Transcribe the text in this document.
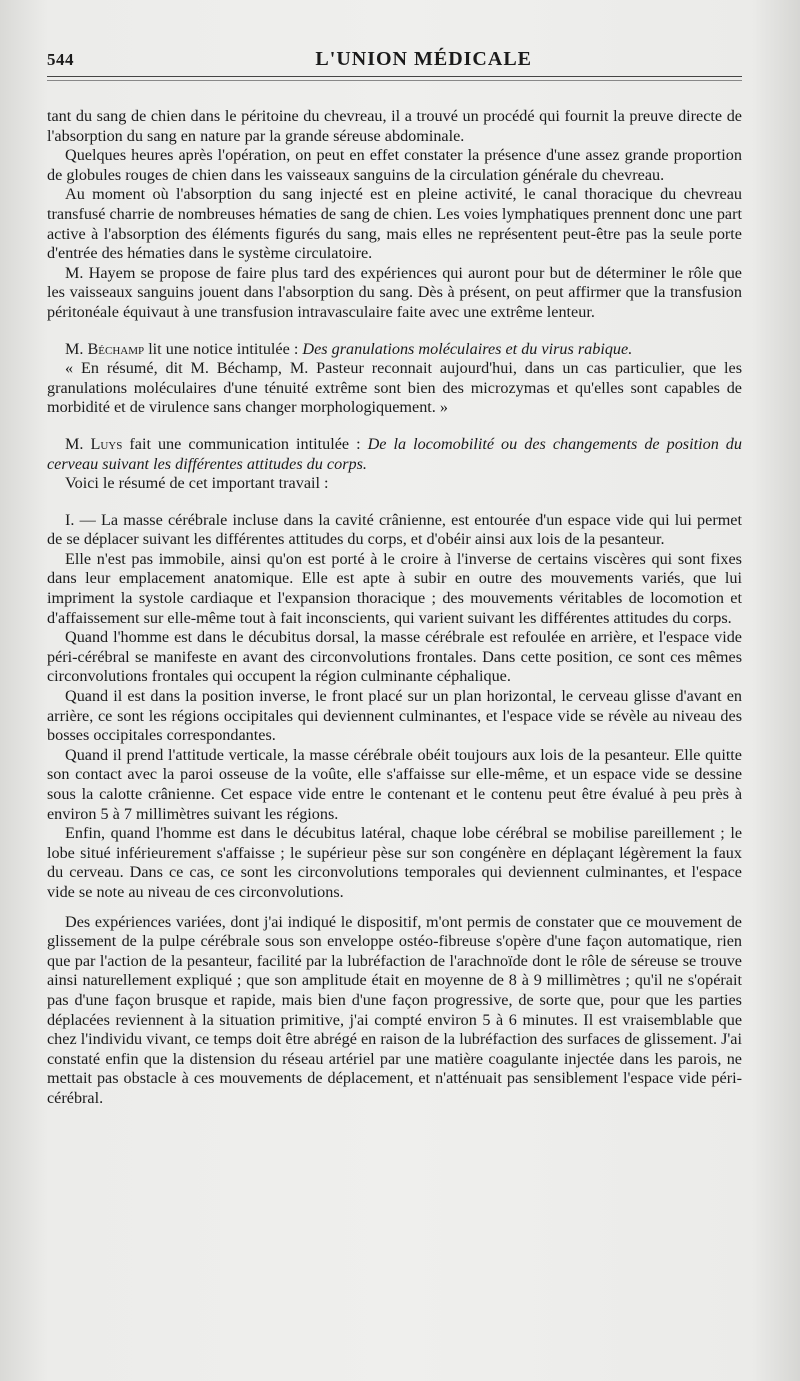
544	L'UNION MÉDICALE

tant du sang de chien dans le péritoine du chevreau, il a trouvé un procédé qui fournit la preuve directe de l'absorption du sang en nature par la grande séreuse abdominale.

Quelques heures après l'opération, on peut en effet constater la présence d'une assez grande proportion de globules rouges de chien dans les vaisseaux sanguins de la circulation générale du chevreau.

Au moment où l'absorption du sang injecté est en pleine activité, le canal thoracique du chevreau transfusé charrie de nombreuses hématies de sang de chien. Les voies lymphatiques prennent donc une part active à l'absorption des éléments figurés du sang, mais elles ne représentent peut-être pas la seule porte d'entrée des hématies dans le système circulatoire.

M. Hayem se propose de faire plus tard des expériences qui auront pour but de déterminer le rôle que les vaisseaux sanguins jouent dans l'absorption du sang. Dès à présent, on peut affirmer que la transfusion péritonéale équivaut à une transfusion intravasculaire faite avec une extrême lenteur.

M. Béchamp lit une notice intitulée : Des granulations moléculaires et du virus rabique.

« En résumé, dit M. Béchamp, M. Pasteur reconnait aujourd'hui, dans un cas particulier, que les granulations moléculaires d'une ténuité extrême sont bien des microzymas et qu'elles sont capables de morbidité et de virulence sans changer morphologiquement. »

M. Luys fait une communication intitulée : De la locomobilité ou des changements de position du cerveau suivant les différentes attitudes du corps.

Voici le résumé de cet important travail :

I. — La masse cérébrale incluse dans la cavité crânienne, est entourée d'un espace vide qui lui permet de se déplacer suivant les différentes attitudes du corps, et d'obéir ainsi aux lois de la pesanteur.

Elle n'est pas immobile, ainsi qu'on est porté à le croire à l'inverse de certains viscères qui sont fixes dans leur emplacement anatomique. Elle est apte à subir en outre des mouvements variés, que lui impriment la systole cardiaque et l'expansion thoracique ; des mouvements véritables de locomotion et d'affaissement sur elle-même tout à fait inconscients, qui varient suivant les différentes attitudes du corps.

Quand l'homme est dans le décubitus dorsal, la masse cérébrale est refoulée en arrière, et l'espace vide péri-cérébral se manifeste en avant des circonvolutions frontales. Dans cette position, ce sont ces mêmes circonvolutions frontales qui occupent la région culminante céphalique.

Quand il est dans la position inverse, le front placé sur un plan horizontal, le cerveau glisse d'avant en arrière, ce sont les régions occipitales qui deviennent culminantes, et l'espace vide se révèle au niveau des bosses occipitales correspondantes.

Quand il prend l'attitude verticale, la masse cérébrale obéit toujours aux lois de la pesanteur. Elle quitte son contact avec la paroi osseuse de la voûte, elle s'affaisse sur elle-même, et un espace vide se dessine sous la calotte crânienne. Cet espace vide entre le contenant et le contenu peut être évalué à peu près à environ 5 à 7 millimètres suivant les régions.

Enfin, quand l'homme est dans le décubitus latéral, chaque lobe cérébral se mobilise pareillement ; le lobe situé inférieurement s'affaisse ; le supérieur pèse sur son congénère en déplaçant légèrement la faux du cerveau. Dans ce cas, ce sont les circonvolutions temporales qui deviennent culminantes, et l'espace vide se note au niveau de ces circonvolutions.

Des expériences variées, dont j'ai indiqué le dispositif, m'ont permis de constater que ce mouvement de glissement de la pulpe cérébrale sous son enveloppe ostéo-fibreuse s'opère d'une façon automatique, rien que par l'action de la pesanteur, facilité par la lubréfaction de l'arachnoïde dont le rôle de séreuse se trouve ainsi naturellement expliqué ; que son amplitude était en moyenne de 8 à 9 millimètres ; qu'il ne s'opérait pas d'une façon brusque et rapide, mais bien d'une façon progressive, de sorte que, pour que les parties déplacées reviennent à la situation primitive, j'ai compté environ 5 à 6 minutes. Il est vraisemblable que chez l'individu vivant, ce temps doit être abrégé en raison de la lubréfaction des surfaces de glissement. J'ai constaté enfin que la distension du réseau artériel par une matière coagulante injectée dans les parois, ne mettait pas obstacle à ces mouvements de déplacement, et n'atténuait pas sensiblement l'espace vide péri-cérébral.
